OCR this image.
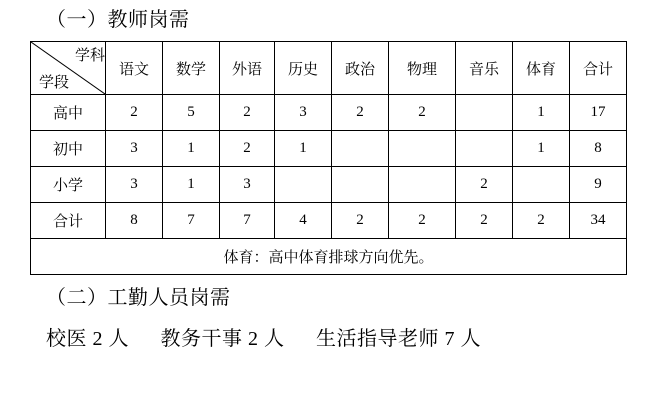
（一）教师岗需
学科
学段	语文	数学	外语	历史	政治	物理	音乐	体育	合计
高中	2	5	2	3	2	2		1	17
初中	3	1	2	1				1	8
小学	3	1	3				2		9
合计	8	7	7	4	2	2	2	2	34
体育：高中体育排球方向优先。									
（二）工勤人员岗需
校医 2 人 教务干事 2 人 生活指导老师 7 人
